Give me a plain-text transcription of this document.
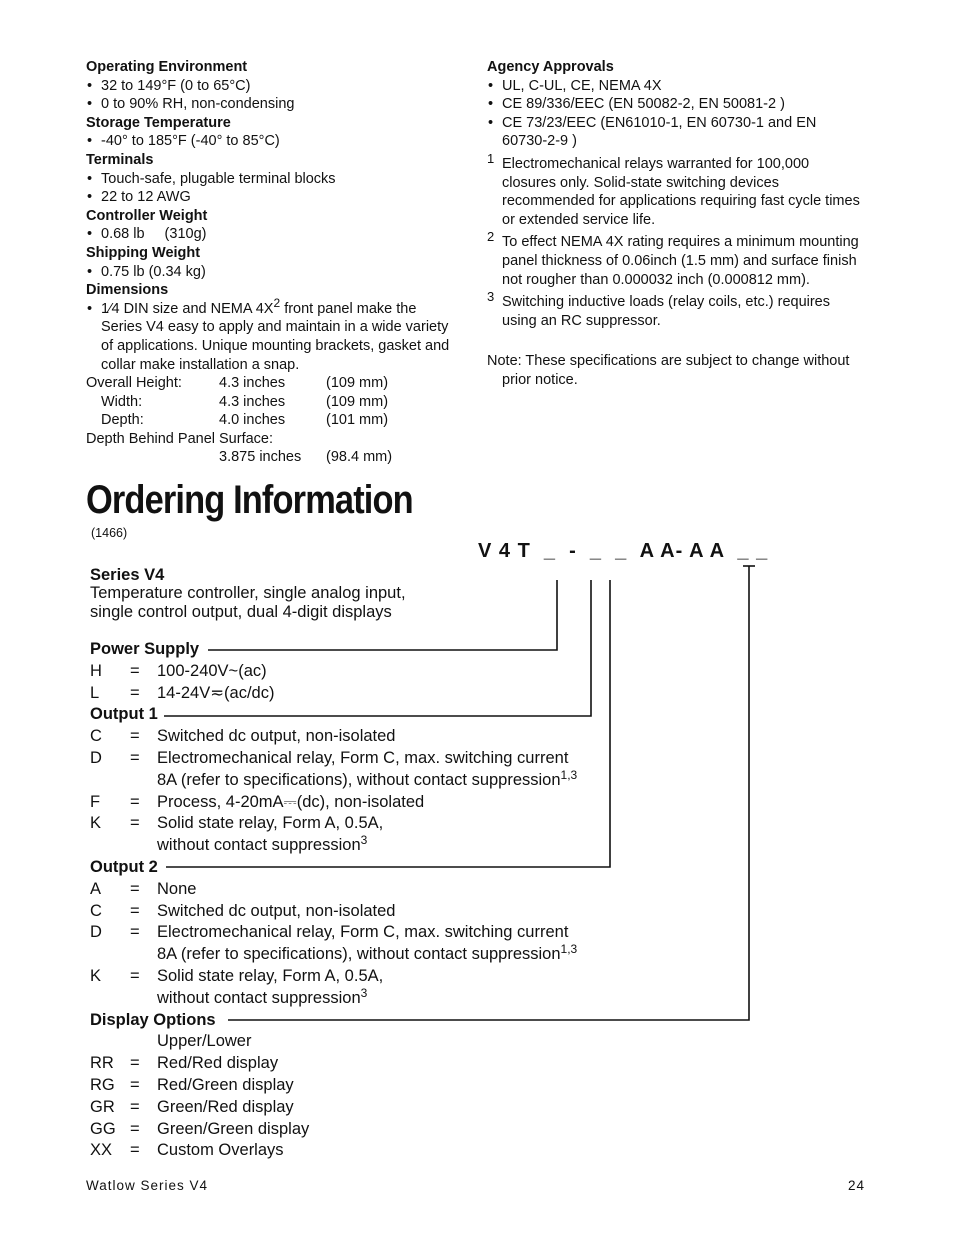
Operating Environment
• 32 to 149°F (0 to 65°C)
• 0 to 90% RH, non-condensing
Storage Temperature
• -40° to 185°F (-40° to 85°C)
Terminals
• Touch-safe, plugable terminal blocks
• 22 to 12 AWG
Controller Weight
• 0.68 lb (310g)
Shipping Weight
• 0.75 lb (0.34 kg)
Dimensions
• 1⁄4 DIN size and NEMA $4X^2$ front panel make the Series V4 easy to apply and maintain in a wide variety of applications. Unique mounting brackets, gasket and collar make installation a snap.
Overall Height:	4.3 inches	(109 mm)
Width:	4.3 inches	(109 mm)
Depth:	4.0 inches	(101 mm)
Depth Behind Panel Surface:
3.875 inches (98.4 mm)
Agency Approvals
• UL, C-UL, CE, NEMA 4X
• CE 89/336/EEC (EN 50082-2, EN 50081-2 )
• CE 73/23/EEC (EN61010-1, EN 60730-1 and EN 60730-2-9 )
1 Electromechanical relays warranted for 100,000 closures only. Solid-state switching devices recommended for applications requiring fast cycle times or extended service life.
2 To effect NEMA 4X rating requires a minimum mounting panel thickness of 0.06inch (1.5 mm) and surface finish not rougher than 0.000032 inch (0.000812 mm).
3 Switching inductive loads (relay coils, etc.) requires using an RC suppressor.
Note: These specifications are subject to change without prior notice.
Ordering Information
(1466)
V 4 T  _  -  _  _  A A- A A  _ _
Series V4
Temperature controller, single analog input,
single control output, dual 4-digit displays
Power Supply
H = 100-240V~(ac)
L = 14-24V≂(ac/dc)
Output 1
C = Switched dc output, non-isolated
D = Electromechanical relay, Form C, max. switching current
8A (refer to specifications), without contact suppression$^{1,3}$
F = Process, 4-20mA⎓(dc), non-isolated
K = Solid state relay, Form A, 0.5A,
without contact suppression$^3$
Output 2
A = None
C = Switched dc output, non-isolated
D = Electromechanical relay, Form C, max. switching current
8A (refer to specifications), without contact suppression$^{1,3}$
K = Solid state relay, Form A, 0.5A,
without contact suppression$^3$
Display Options
Upper/Lower
RR = Red/Red display
RG = Red/Green display
GR = Green/Red display
GG = Green/Green display
XX = Custom Overlays
Watlow Series V4	24
